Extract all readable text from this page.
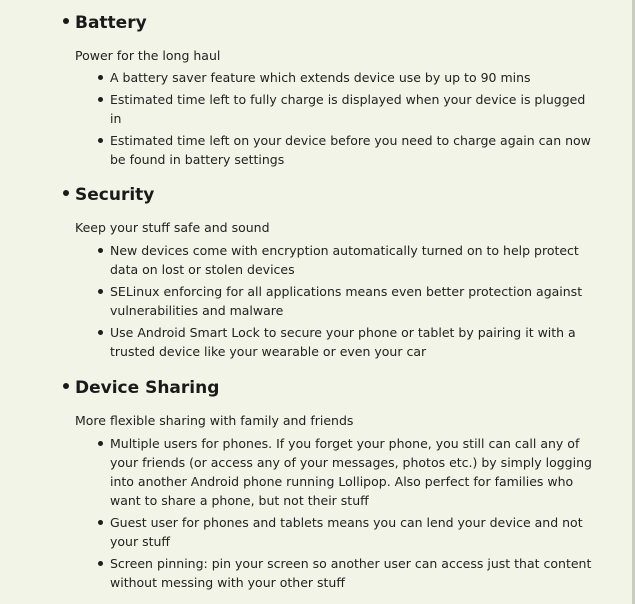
Battery

Power for the long haul

A battery saver feature which extends device use by up to 90 mins
Estimated time left to fully charge is displayed when your device is plugged in
Estimated time left on your device before you need to charge again can now be found in battery settings
Security

Keep your stuff safe and sound

New devices come with encryption automatically turned on to help protect data on lost or stolen devices
SELinux enforcing for all applications means even better protection against vulnerabilities and malware
Use Android Smart Lock to secure your phone or tablet by pairing it with a trusted device like your wearable or even your car
Device Sharing

More flexible sharing with family and friends

Multiple users for phones. If you forget your phone, you still can call any of your friends (or access any of your messages, photos etc.) by simply logging into another Android phone running Lollipop. Also perfect for families who want to share a phone, but not their stuff
Guest user for phones and tablets means you can lend your device and not your stuff
Screen pinning: pin your screen so another user can access just that content without messing with your other stuff
